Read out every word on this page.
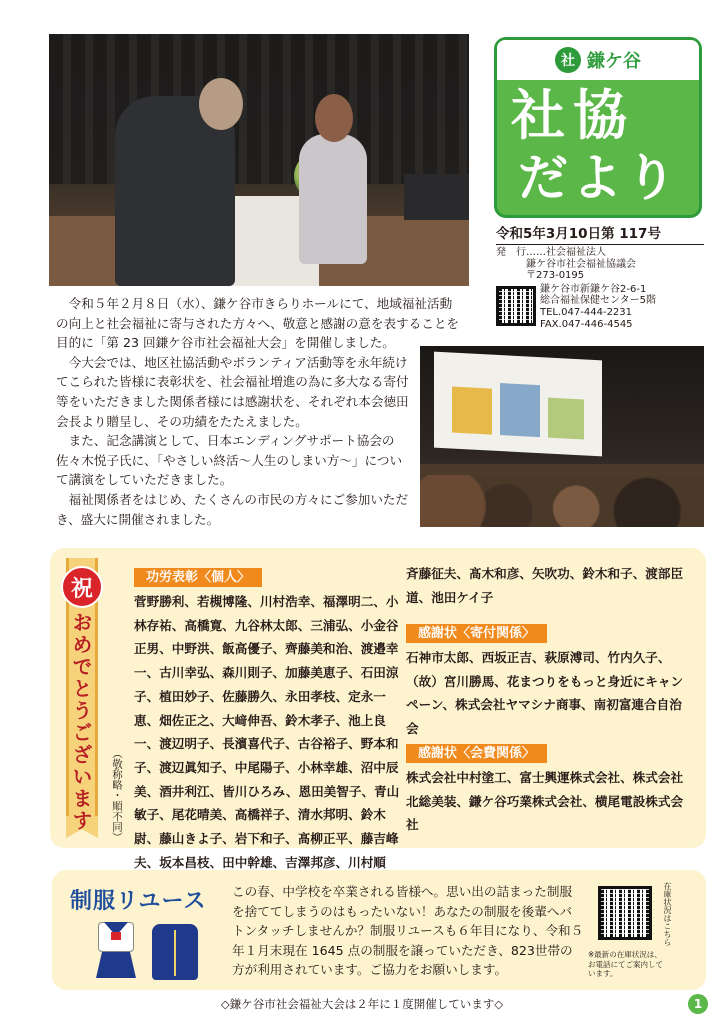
社 鎌ケ谷
社協
だより
令和5年3月10日第 117号
発　行……社会福祉法人
鎌ケ谷市社会福祉協議会
〒273-0195
鎌ケ谷市新鎌ケ谷2-6-1
総合福祉保健センター5階
TEL.047-444-2231
FAX.047-446-4545

令和５年２月８日（水）、鎌ケ谷市きらりホールにて、地域福祉活動の向上と社会福祉に寄与された方々へ、敬意と感謝の意を表することを目的に「第 23 回鎌ケ谷市社会福祉大会」を開催しました。

今大会では、地区社協活動やボランティア活動等を永年続けてこられた皆様に表彰状を、社会福祉増進の為に多大なる寄付等をいただきました関係者様には感謝状を、それぞれ本会徳田会長より贈呈し、その功績をたたえました。

また、記念講演として、日本エンディングサポート協会の佐々木悦子氏に、「やさしい終活～人生のしまい方～」について講演をしていただきました。

福祉関係者をはじめ、たくさんの市民の方々にご参加いただき、盛大に開催されました。

祝
おめでとうございます （敬称略・順不同）
功労表彰〈個人〉
菅野勝利、若槻博隆、川村浩幸、福澤明二、小林存祐、高橋寛、九谷林太郎、三浦弘、小金谷正男、中野洪、飯高優子、齊藤美和治、渡邉幸一、古川幸弘、森川則子、加藤美恵子、石田涼子、植田妙子、佐藤勝久、永田孝枝、定永一恵、畑佐正之、大﨑伸吾、鈴木孝子、池上良一、渡辺明子、長濱喜代子、古谷裕子、野本和子、渡辺眞知子、中尾陽子、小林幸雄、沼中辰美、酒井利江、皆川ひろみ、恩田美智子、青山敏子、尾花晴美、高橋祥子、清水邦明、鈴木尉、藤山きよ子、岩下和子、髙柳正平、藤吉峰夫、坂本昌枝、田中幹雄、吉澤邦彦、川村順
斉藤征夫、髙木和彦、矢吹功、鈴木和子、渡部臣道、池田ケイ子
感謝状〈寄付関係〉
石神市太郎、西坂正吉、萩原溥司、竹内久子、（故）宮川勝馬、花まつりをもっと身近にキャンペーン、株式会社ヤマシナ商事、南初富連合自治会
感謝状〈会費関係〉
株式会社中村塗工、富士興運株式会社、株式会社北総美装、鎌ケ谷巧業株式会社、横尾電設株式会社
制服リユース この春、中学校を卒業される皆様へ。思い出の詰まった制服を捨ててしまうのはもったいない！あなたの制服を後輩へバトンタッチしませんか？制服リユースも６年目になり、令和５年１月末現在 1645 点の制服を譲っていただき、823世帯の方が利用されています。ご協力をお願いします。
在庫状況はこちら
※最新の在庫状況は、お電話にてご案内しています。
◇鎌ケ谷市社会福祉大会は２年に１度開催しています◇	1
